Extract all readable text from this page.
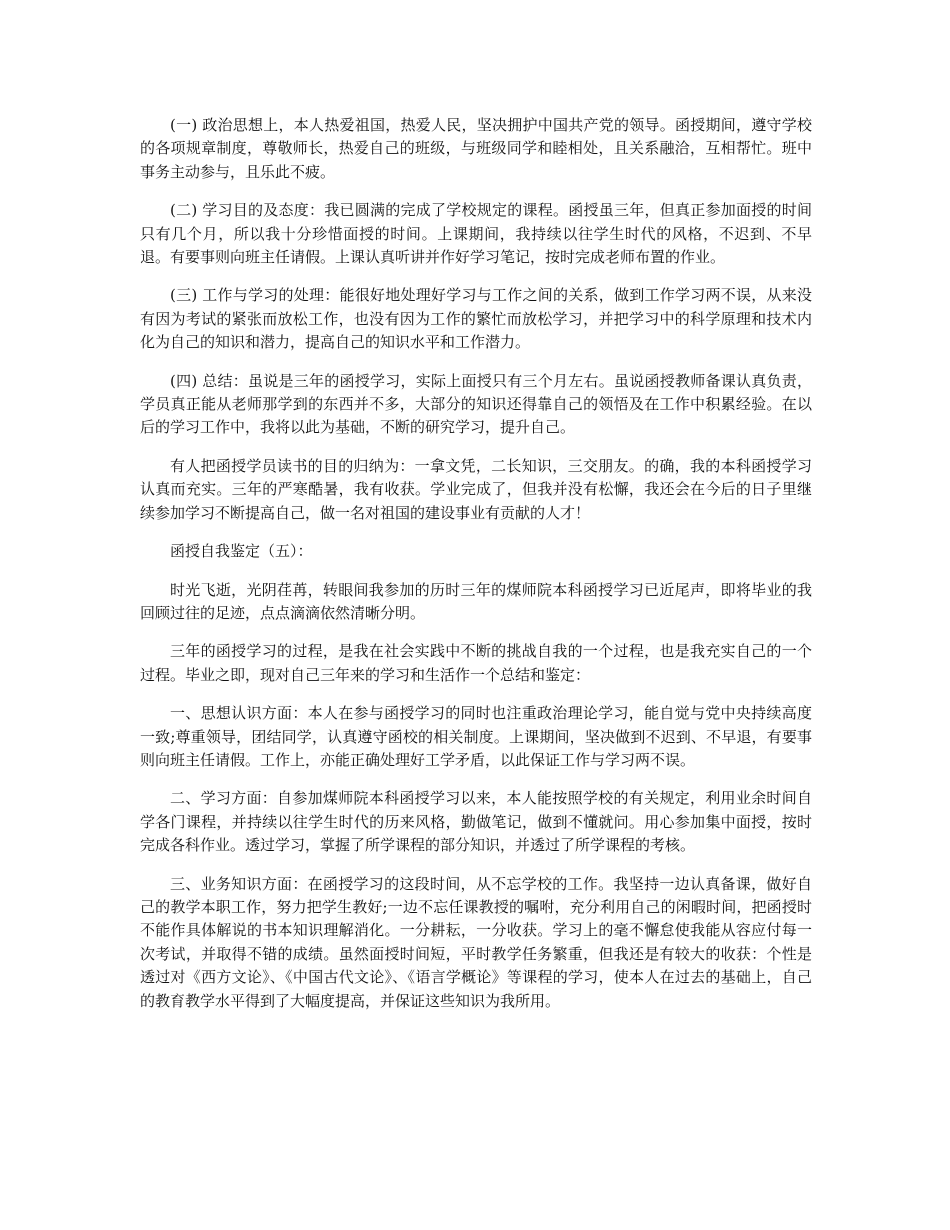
(一) 政治思想上，本人热爱祖国，热爱人民，坚决拥护中国共产党的领导。函授期间，遵守学校的各项规章制度，尊敬师长，热爱自己的班级，与班级同学和睦相处，且关系融洽，互相帮忙。班中事务主动参与，且乐此不疲。

(二) 学习目的及态度：我已圆满的完成了学校规定的课程。函授虽三年，但真正参加面授的时间只有几个月，所以我十分珍惜面授的时间。上课期间，我持续以往学生时代的风格，不迟到、不早退。有要事则向班主任请假。上课认真听讲并作好学习笔记，按时完成老师布置的作业。

(三) 工作与学习的处理：能很好地处理好学习与工作之间的关系，做到工作学习两不误，从来没有因为考试的紧张而放松工作，也没有因为工作的繁忙而放松学习，并把学习中的科学原理和技术内化为自己的知识和潜力，提高自己的知识水平和工作潜力。

(四) 总结：虽说是三年的函授学习，实际上面授只有三个月左右。虽说函授教师备课认真负责，学员真正能从老师那学到的东西并不多，大部分的知识还得靠自己的领悟及在工作中积累经验。在以后的学习工作中，我将以此为基础，不断的研究学习，提升自己。

有人把函授学员读书的目的归纳为：一拿文凭，二长知识，三交朋友。的确，我的本科函授学习认真而充实。三年的严寒酷暑，我有收获。学业完成了，但我并没有松懈，我还会在今后的日子里继续参加学习不断提高自己，做一名对祖国的建设事业有贡献的人才！

函授自我鉴定（五）：

时光飞逝，光阴荏苒，转眼间我参加的历时三年的煤师院本科函授学习已近尾声，即将毕业的我回顾过往的足迹，点点滴滴依然清晰分明。

三年的函授学习的过程，是我在社会实践中不断的挑战自我的一个过程，也是我充实自己的一个过程。毕业之即，现对自己三年来的学习和生活作一个总结和鉴定：

一、思想认识方面：本人在参与函授学习的同时也注重政治理论学习，能自觉与党中央持续高度一致;尊重领导，团结同学，认真遵守函校的相关制度。上课期间，坚决做到不迟到、不早退，有要事则向班主任请假。工作上，亦能正确处理好工学矛盾，以此保证工作与学习两不误。

二、学习方面：自参加煤师院本科函授学习以来，本人能按照学校的有关规定，利用业余时间自学各门课程，并持续以往学生时代的历来风格，勤做笔记，做到不懂就问。用心参加集中面授，按时完成各科作业。透过学习，掌握了所学课程的部分知识，并透过了所学课程的考核。

三、业务知识方面：在函授学习的这段时间，从不忘学校的工作。我坚持一边认真备课，做好自己的教学本职工作，努力把学生教好;一边不忘任课教授的嘱咐，充分利用自己的闲暇时间，把函授时不能作具体解说的书本知识理解消化。一分耕耘，一分收获。学习上的毫不懈怠使我能从容应付每一次考试，并取得不错的成绩。虽然面授时间短，平时教学任务繁重，但我还是有较大的收获：个性是透过对《西方文论》、《中国古代文论》、《语言学概论》等课程的学习，使本人在过去的基础上，自己的教育教学水平得到了大幅度提高，并保证这些知识为我所用。
